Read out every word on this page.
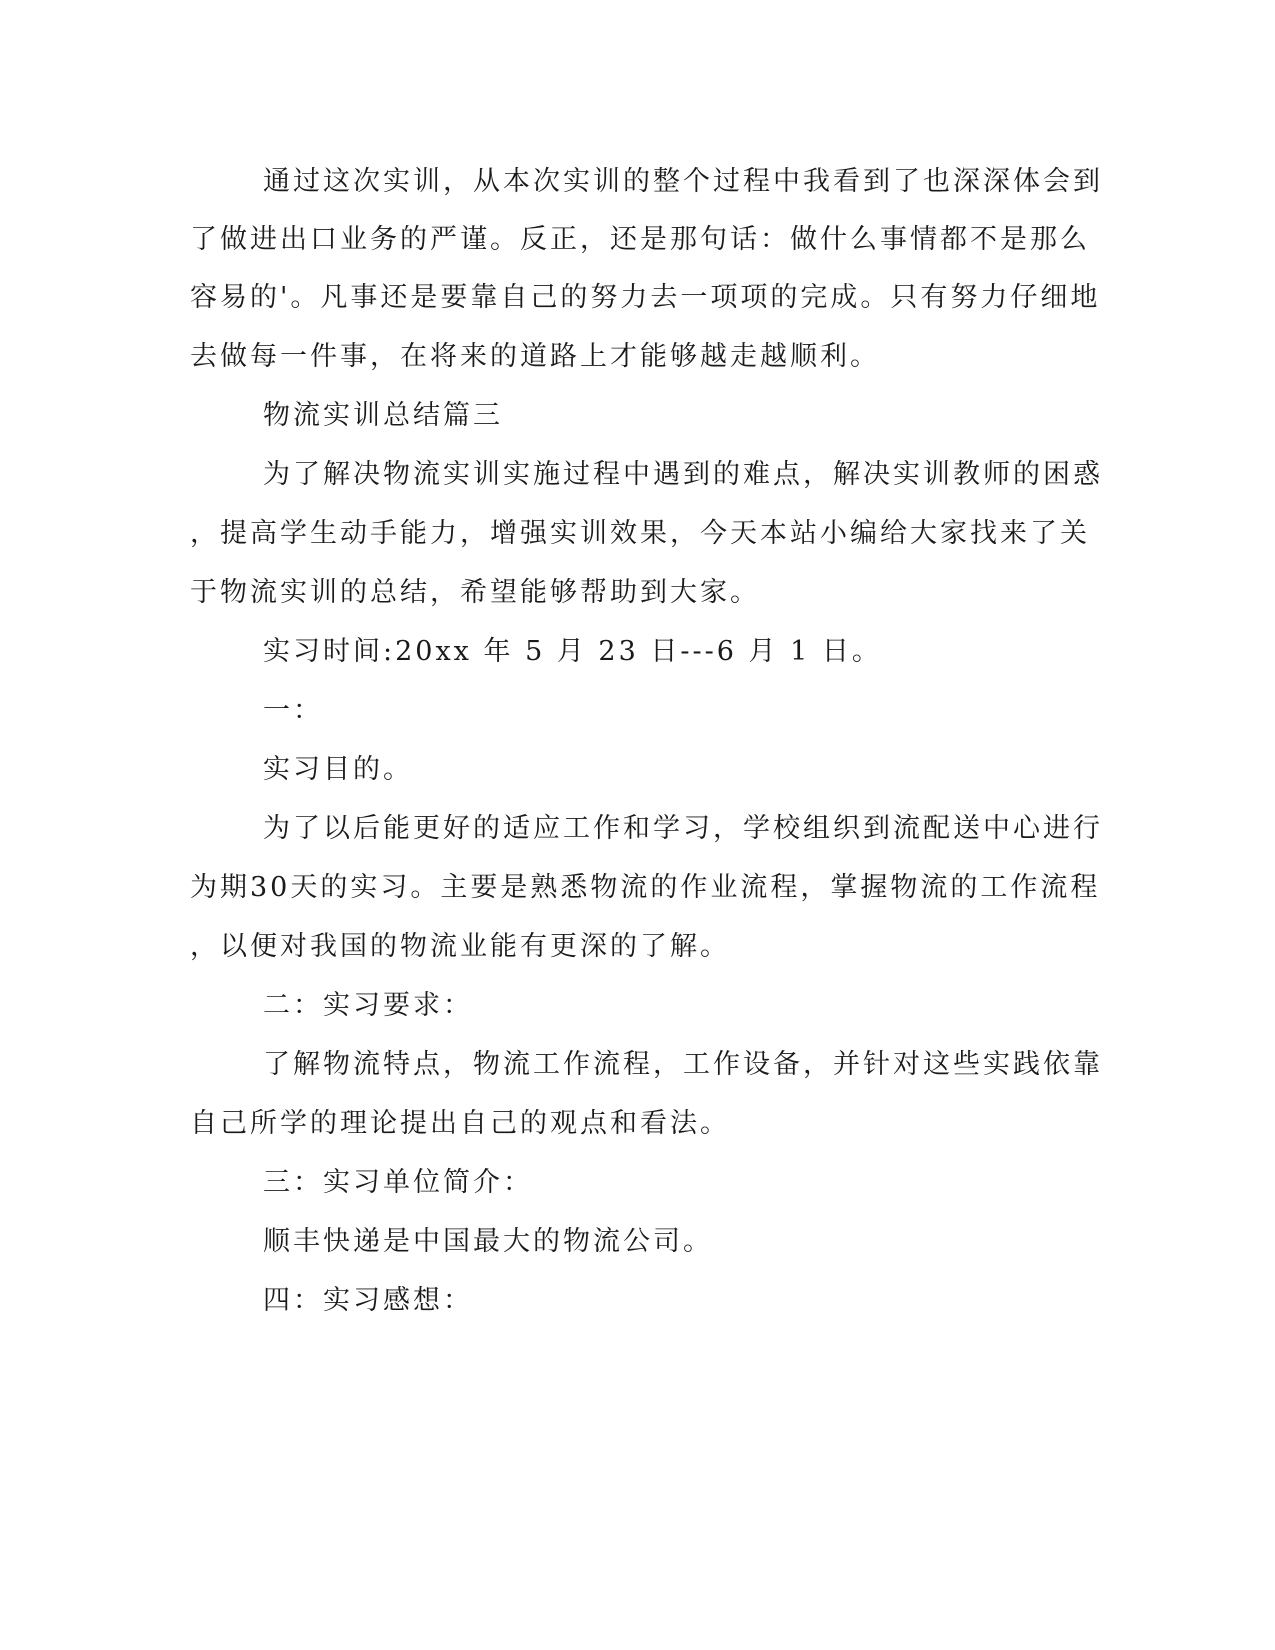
通过这次实训，从本次实训的整个过程中我看到了也深深体会到

了做进出口业务的严谨。反正，还是那句话：做什么事情都不是那么

容易的'。凡事还是要靠自己的努力去一项项的完成。只有努力仔细地

去做每一件事，在将来的道路上才能够越走越顺利。

物流实训总结篇三

为了解决物流实训实施过程中遇到的难点，解决实训教师的困惑

，提高学生动手能力，增强实训效果，今天本站小编给大家找来了关

于物流实训的总结，希望能够帮助到大家。

实习时间:20xx 年 5 月 23 日---6 月 1 日。

一：

实习目的。

为了以后能更好的适应工作和学习，学校组织到流配送中心进行

为期30天的实习。主要是熟悉物流的作业流程，掌握物流的工作流程

，以便对我国的物流业能有更深的了解。

二：实习要求：

了解物流特点，物流工作流程，工作设备，并针对这些实践依靠

自己所学的理论提出自己的观点和看法。

三：实习单位简介：

顺丰快递是中国最大的物流公司。

四：实习感想：
